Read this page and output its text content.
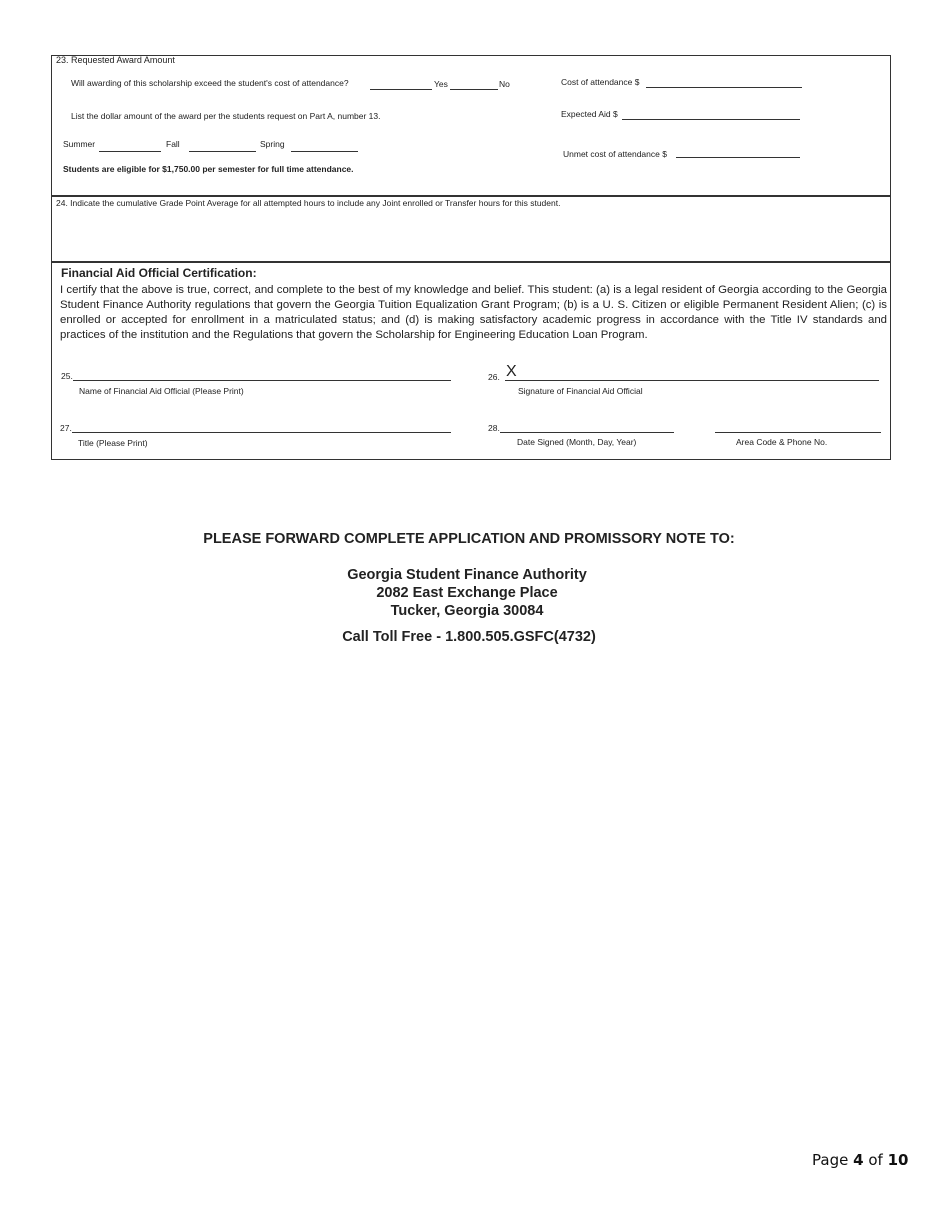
23. Requested Award Amount
Will awarding of this scholarship exceed the student's cost of attendance?	Yes	No
List the dollar amount of the award per the students request on Part A, number 13.
Summer	Fall	Spring
Students are eligible for $1,750.00 per semester for full time attendance.
Cost of attendance $
Expected Aid $
Unmet cost of attendance $
24. Indicate the cumulative Grade Point Average for all attempted hours to include any Joint enrolled or Transfer hours for this student.
Financial Aid Official Certification:
I certify that the above is true, correct, and complete to the best of my knowledge and belief. This student: (a) is a legal resident of Georgia according to the Georgia Student Finance Authority regulations that govern the Georgia Tuition Equalization Grant Program; (b) is a U. S. Citizen or eligible Permanent Resident Alien; (c) is enrolled or accepted for enrollment in a matriculated status; and (d) is making satisfactory academic progress in accordance with the Title IV standards and practices of the institution and the Regulations that govern the Scholarship for Engineering Education Loan Program.
25.
Name of Financial Aid Official (Please Print)
26. X
Signature of Financial Aid Official
27.
Title (Please Print)
28.
Date Signed (Month, Day, Year)	Area Code & Phone No.
PLEASE FORWARD COMPLETE APPLICATION AND PROMISSORY NOTE TO:
Georgia Student Finance Authority
2082 East Exchange Place
Tucker, Georgia 30084
Call Toll Free - 1.800.505.GSFC(4732)
Page 4 of 10
